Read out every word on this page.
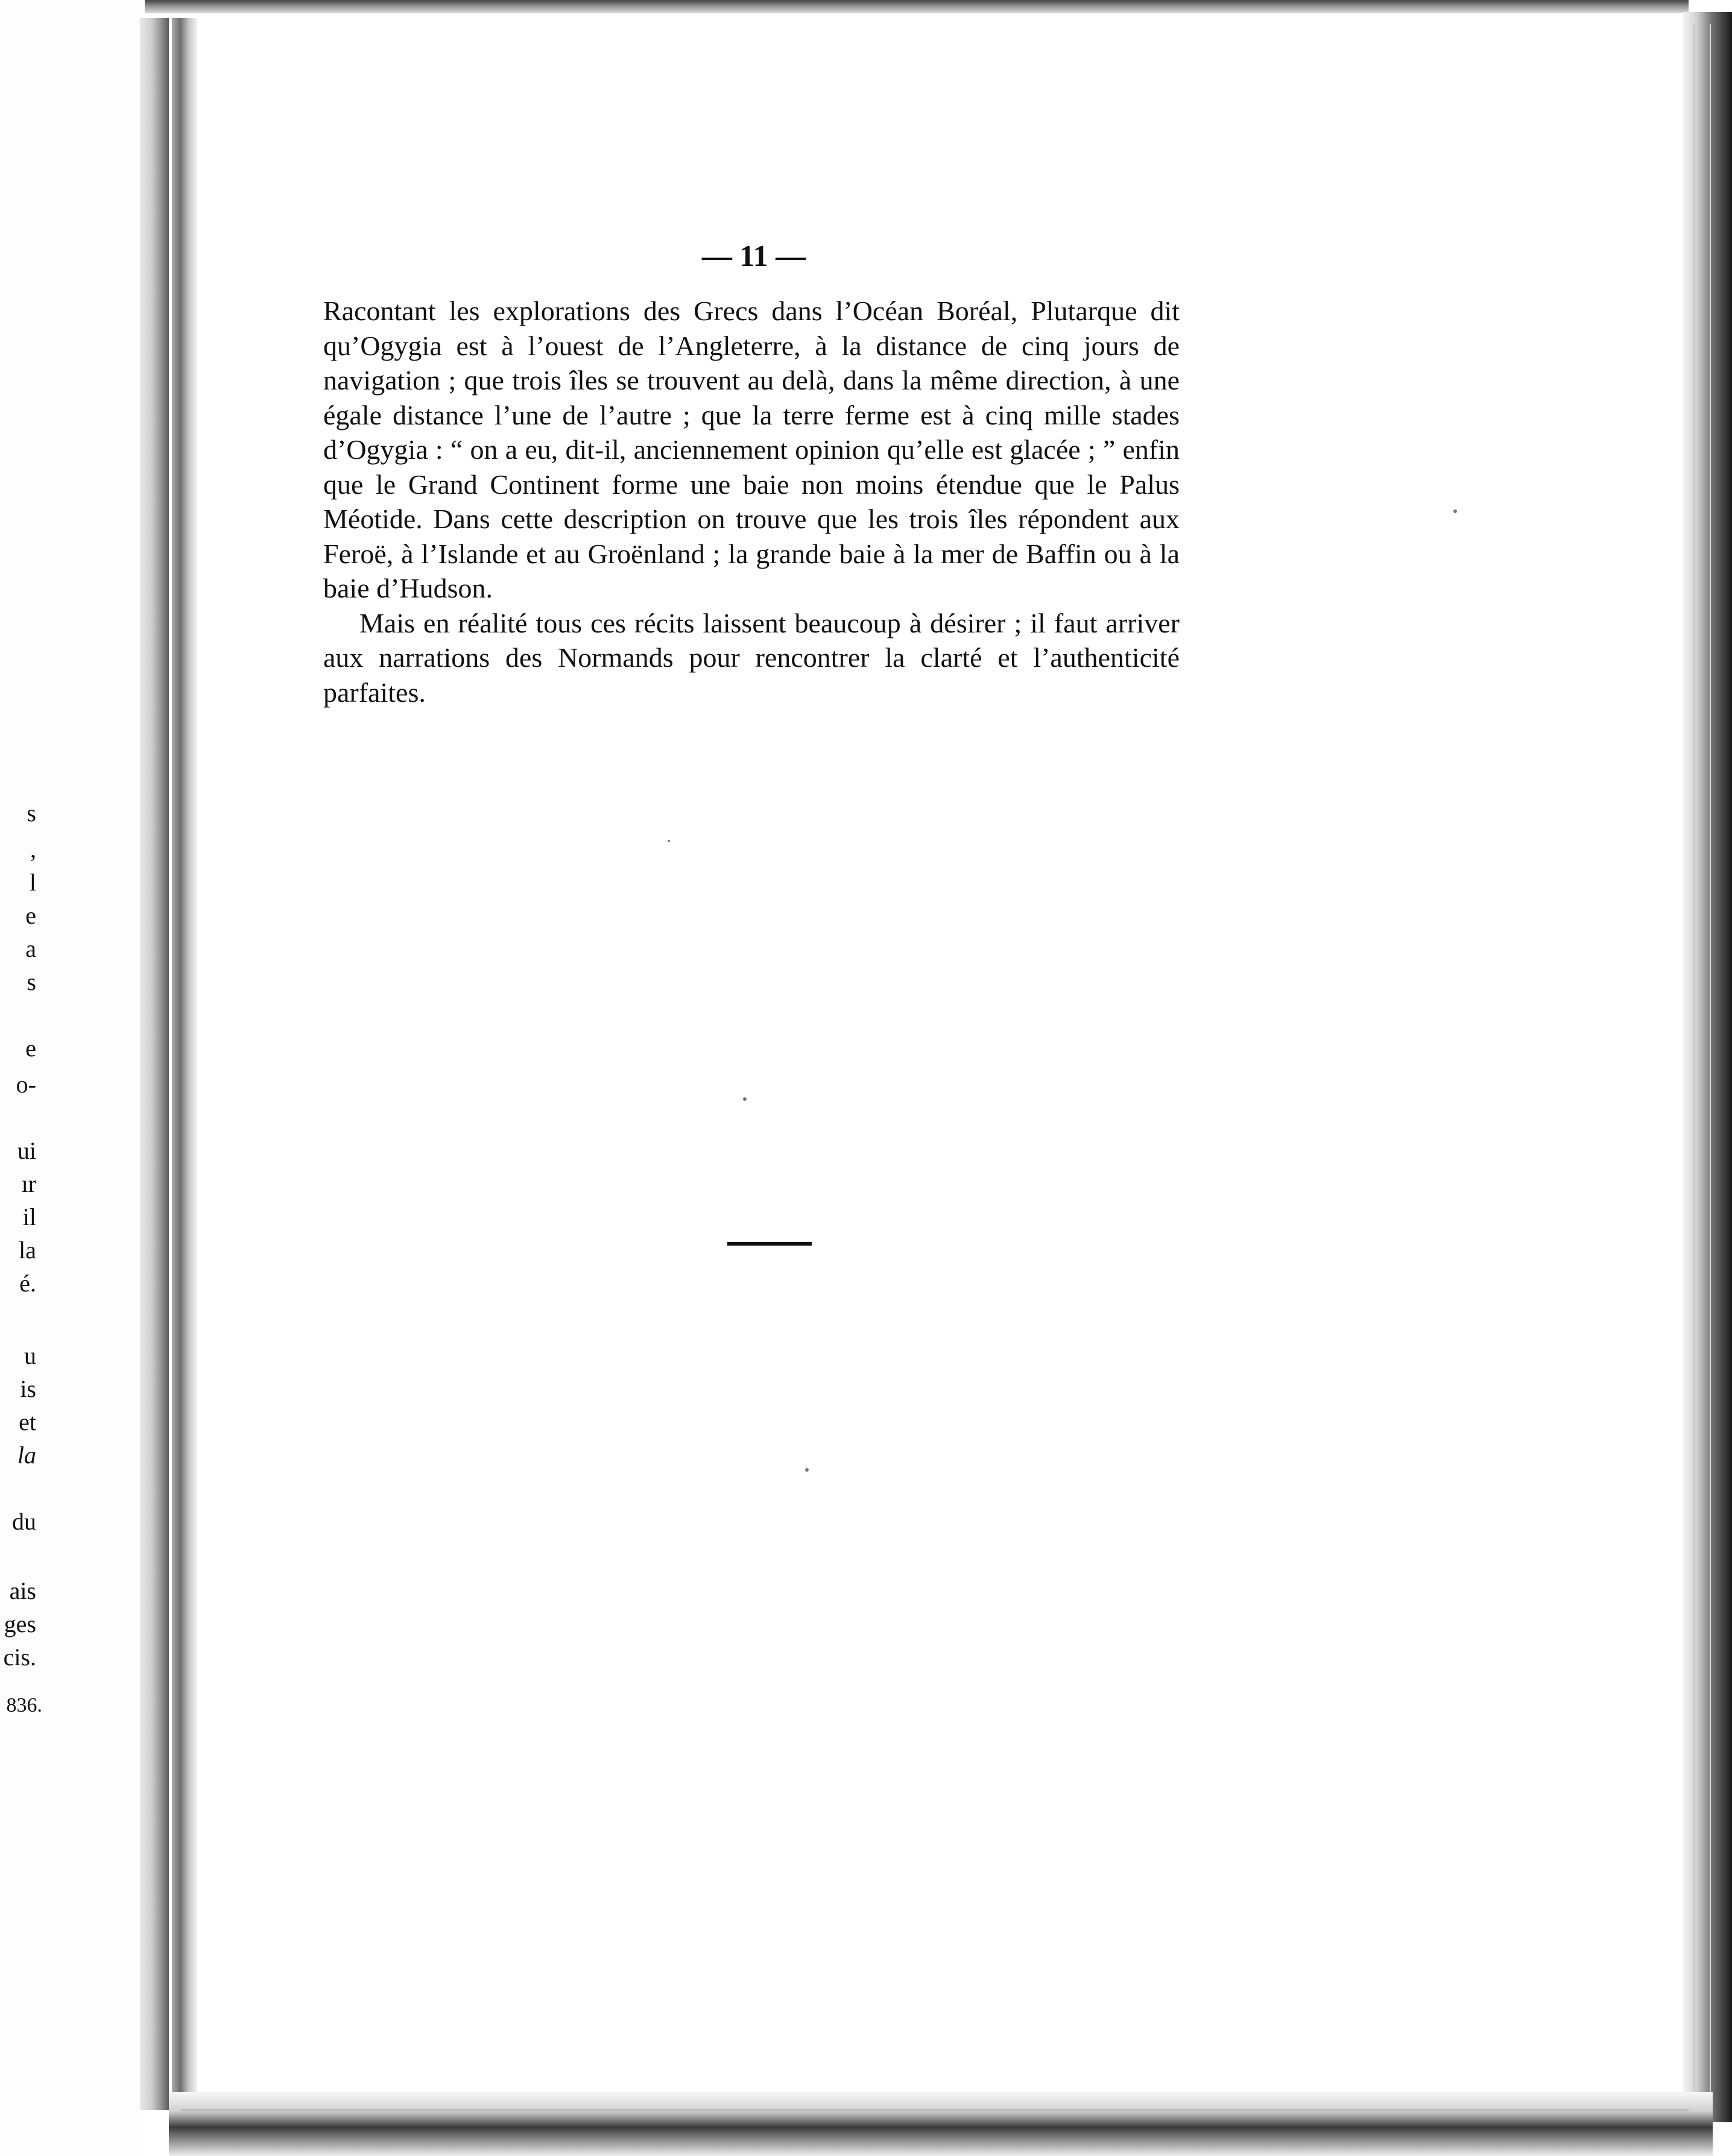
s
,
l
e
a
s
e
o-
ui
ır
il
la
é.
u
is
et
la
du
ais
ges
cis.
836.
— 11 —

Racontant les explorations des Grecs dans l’Océan Boréal, Plutarque dit qu’Ogygia est à l’ouest de l’Angleterre, à la distance de cinq jours de navigation ; que trois îles se trouvent au delà, dans la même direction, à une égale distance l’une de l’autre ; que la terre ferme est à cinq mille stades d’Ogygia : “ on a eu, dit-il, anciennement opinion qu’elle est glacée ; ” enfin que le Grand Continent forme une baie non moins étendue que le Palus Méotide. Dans cette description on trouve que les trois îles répondent aux Feroë, à l’Islande et au Groënland ; la grande baie à la mer de Baffin ou à la baie d’Hudson.

Mais en réalité tous ces récits laissent beaucoup à désirer ; il faut arriver aux narrations des Normands pour rencontrer la clarté et l’authenticité parfaites.
